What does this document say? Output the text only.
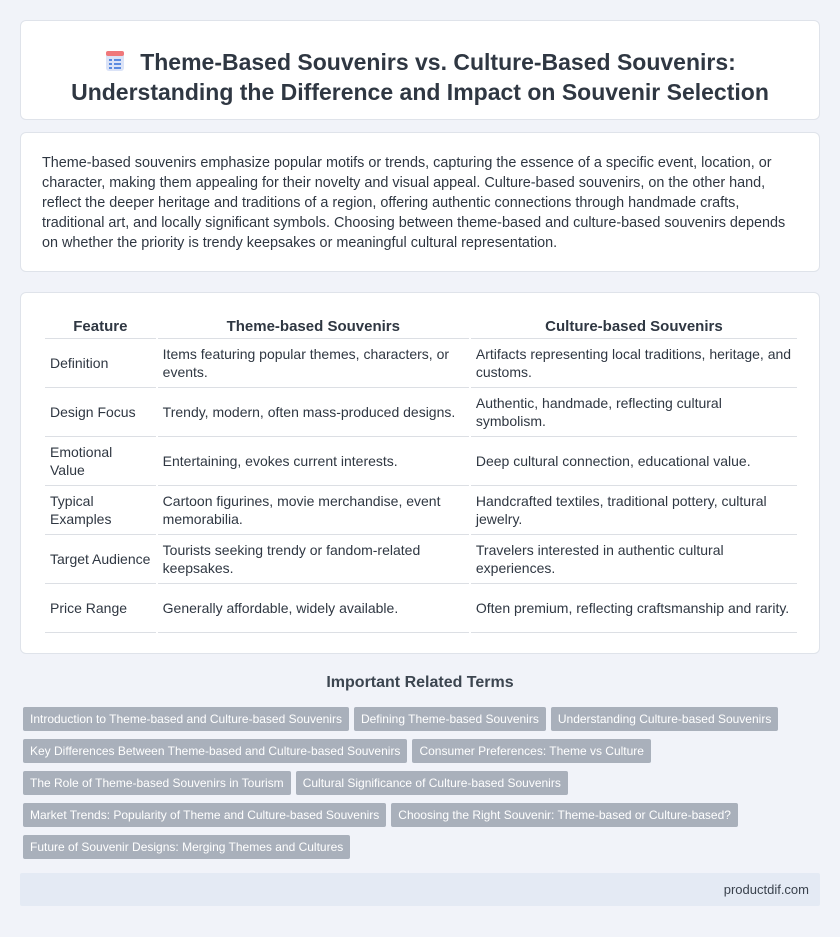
Theme-Based Souvenirs vs. Culture-Based Souvenirs:
Understanding the Difference and Impact on Souvenir Selection

Theme-based souvenirs emphasize popular motifs or trends, capturing the essence of a specific event, location, or character, making them appealing for their novelty and visual appeal. Culture-based souvenirs, on the other hand, reflect the deeper heritage and traditions of a region, offering authentic connections through handmade crafts, traditional art, and locally significant symbols. Choosing between theme-based and culture-based souvenirs depends on whether the priority is trendy keepsakes or meaningful cultural representation.

Feature	Theme-based Souvenirs	Culture-based Souvenirs
Definition	Items featuring popular themes, characters, or events.	Artifacts representing local traditions, heritage, and customs.
Design Focus	Trendy, modern, often mass-produced designs.	Authentic, handmade, reflecting cultural symbolism.
Emotional Value	Entertaining, evokes current interests.	Deep cultural connection, educational value.
Typical Examples	Cartoon figurines, movie merchandise, event memorabilia.	Handcrafted textiles, traditional pottery, cultural jewelry.
Target Audience	Tourists seeking trendy or fandom-related keepsakes.	Travelers interested in authentic cultural experiences.
Price Range	Generally affordable, widely available.	Often premium, reflecting craftsmanship and rarity.
Important Related Terms
Introduction to Theme-based and Culture-based Souvenirs Defining Theme-based Souvenirs Understanding Culture-based SouvenirsKey Differences Between Theme-based and Culture-based Souvenirs Consumer Preferences: Theme vs CultureThe Role of Theme-based Souvenirs in Tourism Cultural Significance of Culture-based SouvenirsMarket Trends: Popularity of Theme and Culture-based Souvenirs Choosing the Right Souvenir: Theme-based or Culture-based?Future of Souvenir Designs: Merging Themes and Cultures
productdif.com
